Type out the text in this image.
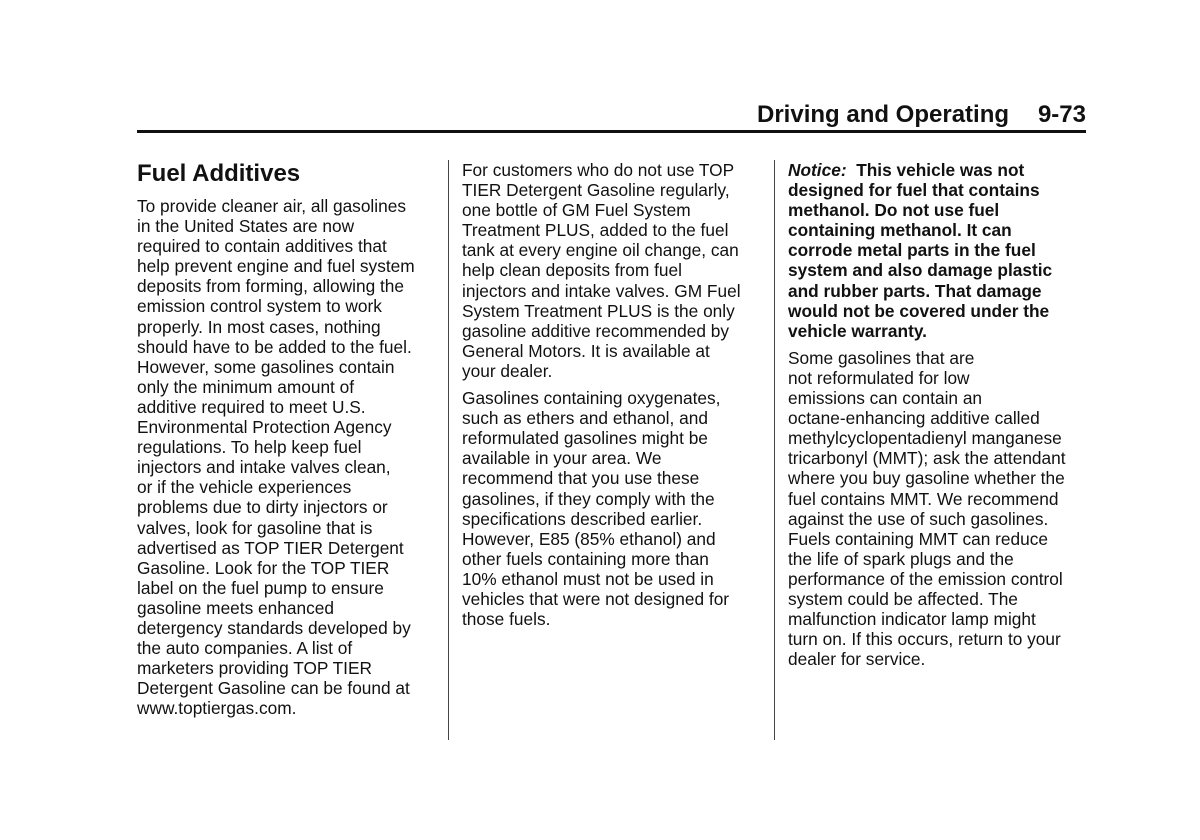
Driving and Operating 9-73
Fuel Additives

To provide cleaner air, all gasolines
in the United States are now
required to contain additives that
help prevent engine and fuel system
deposits from forming, allowing the
emission control system to work
properly. In most cases, nothing
should have to be added to the fuel.
However, some gasolines contain
only the minimum amount of
additive required to meet U.S.
Environmental Protection Agency
regulations. To help keep fuel
injectors and intake valves clean,
or if the vehicle experiences
problems due to dirty injectors or
valves, look for gasoline that is
advertised as TOP TIER Detergent
Gasoline. Look for the TOP TIER
label on the fuel pump to ensure
gasoline meets enhanced
detergency standards developed by
the auto companies. A list of
marketers providing TOP TIER
Detergent Gasoline can be found at
www.toptiergas.com.

For customers who do not use TOP
TIER Detergent Gasoline regularly,
one bottle of GM Fuel System
Treatment PLUS, added to the fuel
tank at every engine oil change, can
help clean deposits from fuel
injectors and intake valves. GM Fuel
System Treatment PLUS is the only
gasoline additive recommended by
General Motors. It is available at
your dealer.

Gasolines containing oxygenates,
such as ethers and ethanol, and
reformulated gasolines might be
available in your area. We
recommend that you use these
gasolines, if they comply with the
specifications described earlier.
However, E85 (85% ethanol) and
other fuels containing more than
10% ethanol must not be used in
vehicles that were not designed for
those fuels.

Notice: This vehicle was not
designed for fuel that contains
methanol. Do not use fuel
containing methanol. It can
corrode metal parts in the fuel
system and also damage plastic
and rubber parts. That damage
would not be covered under the
vehicle warranty.

Some gasolines that are
not reformulated for low
emissions can contain an
octane-enhancing additive called
methylcyclopentadienyl manganese
tricarbonyl (MMT); ask the attendant
where you buy gasoline whether the
fuel contains MMT. We recommend
against the use of such gasolines.
Fuels containing MMT can reduce
the life of spark plugs and the
performance of the emission control
system could be affected. The
malfunction indicator lamp might
turn on. If this occurs, return to your
dealer for service.
